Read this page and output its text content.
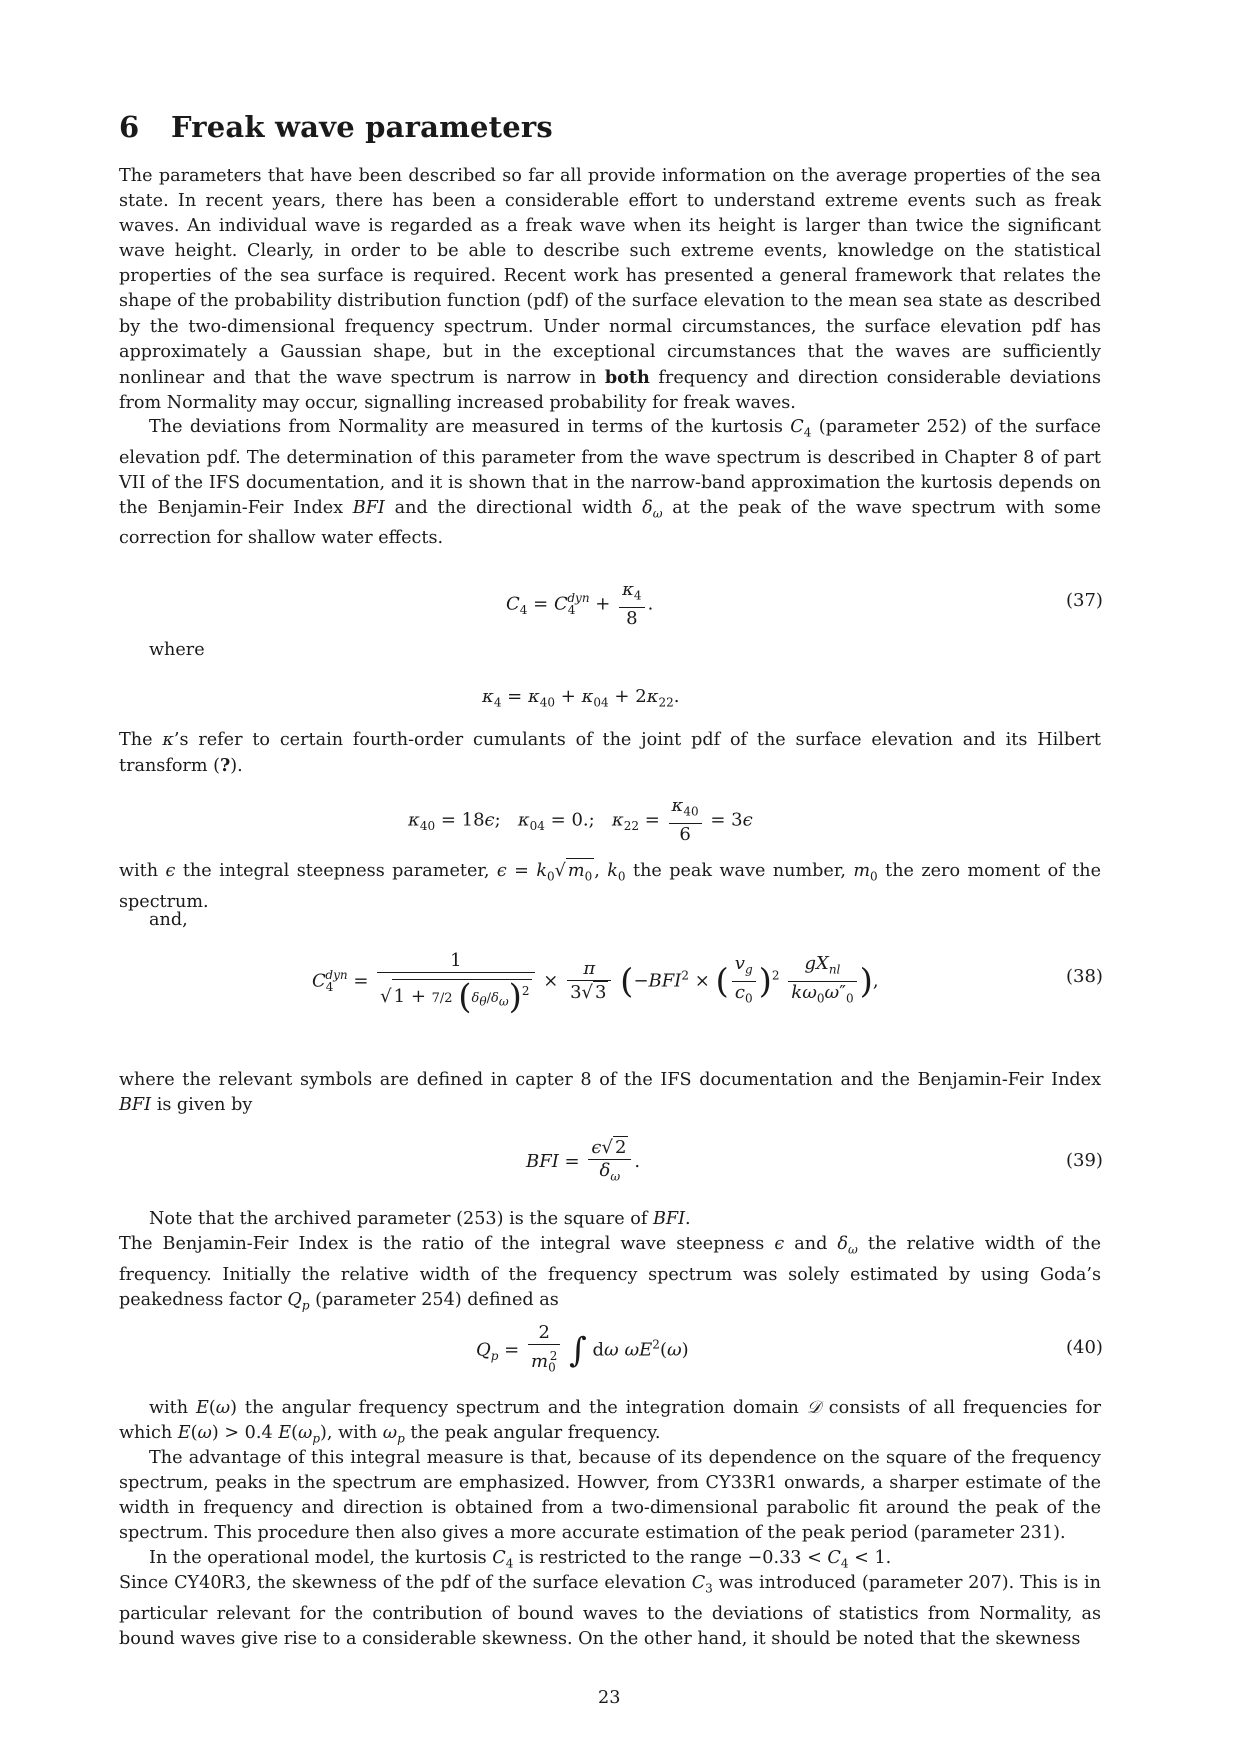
6 Freak wave parameters

The parameters that have been described so far all provide information on the average properties of the sea state. In recent years, there has been a considerable effort to understand extreme events such as freak waves. An individual wave is regarded as a freak wave when its height is larger than twice the significant wave height. Clearly, in order to be able to describe such extreme events, knowledge on the statistical properties of the sea surface is required. Recent work has presented a general framework that relates the shape of the probability distribution function (pdf) of the surface elevation to the mean sea state as described by the two-dimensional frequency spectrum. Under normal circumstances, the surface elevation pdf has approximately a Gaussian shape, but in the exceptional circumstances that the waves are sufficiently nonlinear and that the wave spectrum is narrow in both frequency and direction considerable deviations from Normality may occur, signalling increased probability for freak waves.

The deviations from Normality are measured in terms of the kurtosis $C_4$ (parameter 252) of the surface elevation pdf. The determination of this parameter from the wave spectrum is described in Chapter 8 of part VII of the IFS documentation, and it is shown that in the narrow-band approximation the kurtosis depends on the Benjamin-Feir Index BFI and the directional width $\delta_\omega$ at the peak of the wave spectrum with some correction for shallow water effects.

$C_4 = C_4^{dyn} + \frac{\kappa_4}{8}$ .	(37)

where

$\kappa_4 = \kappa_{40} + \kappa_{04} + 2\kappa_{22}$.

The κ’s refer to certain fourth-order cumulants of the joint pdf of the surface elevation and its Hilbert transform (?).

$\kappa_{40} = 18\epsilon$;   $\kappa_{04} = 0$.;   $\kappa_{22} = \frac{\kappa_{40}}{6} = 3\epsilon$

with ϵ the integral steepness parameter, $\epsilon = k_0√$ $m_0$ , $k_0$ the peak wave number, $m_0$ the zero moment of the spectrum.

and,

$C_4^{dyn} = \frac{1}{√ 1 + 7/2 (\delta_\theta/\delta_\omega)^2} \times \frac{\pi}{3√ 3} (-BFI^2$ × ( $\frac{v_g}{c_0} )^2 \frac{gX_{nl}}{k\omega_0\omega''_0}$ ),	(38)

where the relevant symbols are defined in capter 8 of the IFS documentation and the Benjamin-Feir Index BFI is given by

BFI = $\frac{\epsilon√ 2}{\delta_\omega}$ .	(39)

Note that the archived parameter (253) is the square of BFI.
The Benjamin-Feir Index is the ratio of the integral wave steepness ϵ and $\delta_\omega$ the relative width of the frequency. Initially the relative width of the frequency spectrum was solely estimated by using Goda’s peakedness factor $Q_p$ (parameter 254) defined as

$Q_p = \frac{2}{m_0^2}$ ∫ dω $\omega E^2(\omega)$	(40)

with E(ω) the angular frequency spectrum and the integration domain 𝒟 consists of all frequencies for which E(ω) > 0.4 $E(\omega_p)$, with $\omega_p$ the peak angular frequency.

The advantage of this integral measure is that, because of its dependence on the square of the frequency spectrum, peaks in the spectrum are emphasized. Howver, from CY33R1 onwards, a sharper estimate of the width in frequency and direction is obtained from a two-dimensional parabolic fit around the peak of the spectrum. This procedure then also gives a more accurate estimation of the peak period (parameter 231).

In the operational model, the kurtosis $C_4$ is restricted to the range $-0.33 < C_4 < 1$.

Since CY40R3, the skewness of the pdf of the surface elevation $C_3$ was introduced (parameter 207). This is in particular relevant for the contribution of bound waves to the deviations of statistics from Normality, as bound waves give rise to a considerable skewness. On the other hand, it should be noted that the skewness

23
